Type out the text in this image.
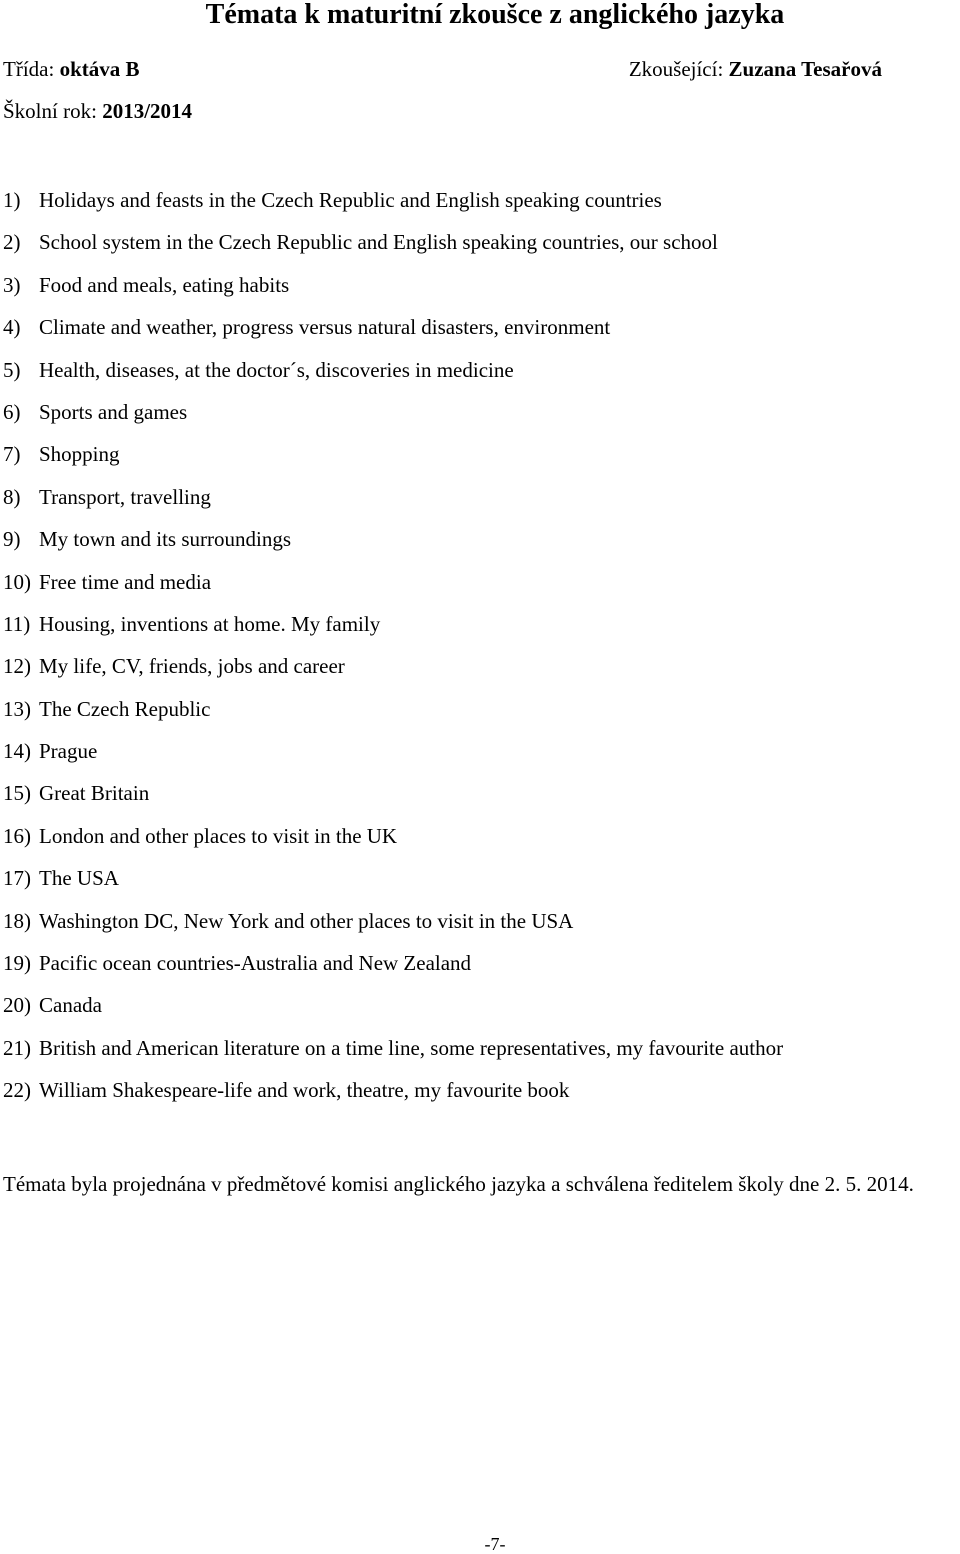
Témata k maturitní zkoušce z anglického jazyka
Třída: oktáva B	Zkoušející: Zuzana Tesařová
Školní rok: 2013/2014
1) Holidays and feasts in the Czech Republic and English speaking countries
2) School system in the Czech Republic and English speaking countries, our school
3) Food and meals, eating habits
4) Climate and weather, progress versus natural disasters, environment
5) Health, diseases, at the doctor´s, discoveries in medicine
6) Sports and games
7) Shopping
8) Transport, travelling
9) My town and its surroundings
10) Free time and media
11) Housing, inventions at home. My family
12) My life, CV, friends, jobs and career
13) The Czech Republic
14) Prague
15) Great Britain
16) London and other places to visit in the UK
17) The USA
18) Washington DC, New York and other places to visit in the USA
19) Pacific ocean countries-Australia and New Zealand
20) Canada
21) British and American literature on a time line, some representatives, my favourite author
22) William Shakespeare-life and work, theatre, my favourite book

Témata byla projednána v předmětové komisi anglického jazyka a schválena ředitelem školy dne 2. 5. 2014.

-7-
